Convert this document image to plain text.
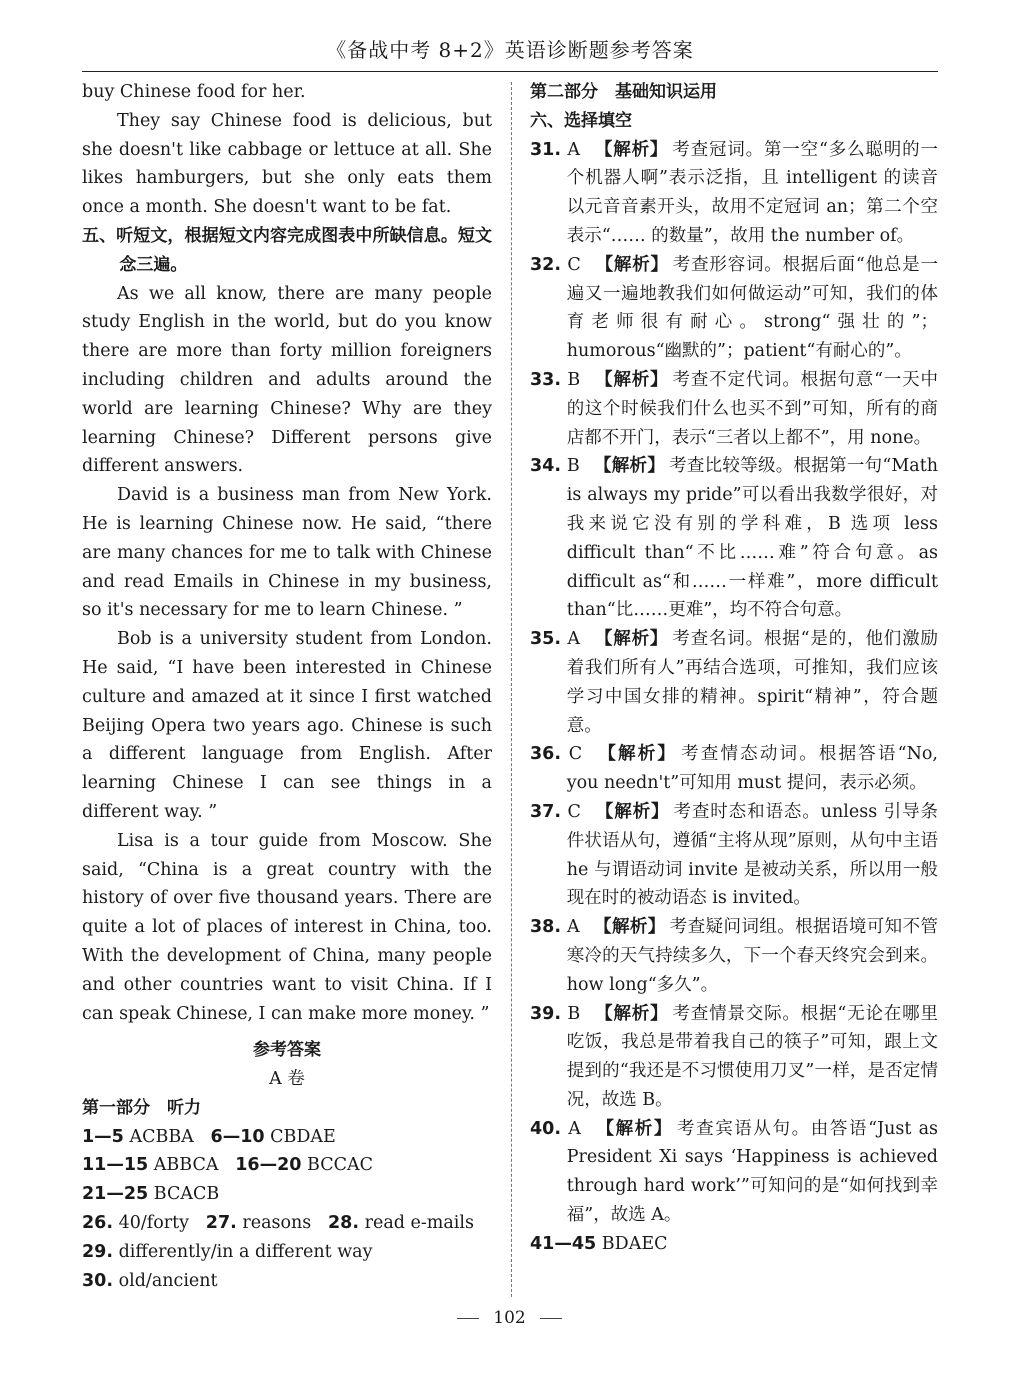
《备战中考 8+2》英语诊断题参考答案

buy Chinese food for her.

They say Chinese food is delicious, but she doesn't like cabbage or lettuce at all. She likes hamburgers, but she only eats them once a month. She doesn't want to be fat.

五、听短文，根据短文内容完成图表中所缺信息。短文念三遍。

As we all know, there are many people study English in the world, but do you know there are more than forty million foreigners including children and adults around the world are learning Chinese? Why are they learning Chinese? Different persons give different answers.

David is a business man from New York. He is learning Chinese now. He said, “there are many chances for me to talk with Chinese and read Emails in Chinese in my business, so it's necessary for me to learn Chinese. ”

Bob is a university student from London. He said, “I have been interested in Chinese culture and amazed at it since I first watched Beijing Opera two years ago. Chinese is such a different language from English. After learning Chinese I can see things in a different way. ”

Lisa is a tour guide from Moscow. She said, “China is a great country with the history of over five thousand years. There are quite a lot of places of interest in China, too. With the development of China, many people and other countries want to visit China. If I can speak Chinese, I can make more money. ”

参考答案

A 卷

第一部分　听力

1—5 ACBBA 6—10 CBDAE
11—15 ABBCA 16—20 BCCAC
21—25 BCACB
26. 40/forty 27. reasons 28. read e-mails
29. differently/in a different way
30. old/ancient

第二部分　基础知识运用

六、选择填空

31. A 【解析】 考查冠词。第一空“多么聪明的一个机器人啊”表示泛指，且 intelligent 的读音以元音音素开头，故用不定冠词 an；第二个空表示“…… 的数量”，故用 the number of。

32. C 【解析】 考查形容词。根据后面“他总是一遍又一遍地教我们如何做运动”可知，我们的体育老师很有耐心。strong“强壮的”；humorous“幽默的”；patient“有耐心的”。

33. B 【解析】 考查不定代词。根据句意“一天中的这个时候我们什么也买不到”可知，所有的商店都不开门，表示“三者以上都不”，用 none。

34. B 【解析】 考查比较等级。根据第一句“Math is always my pride”可以看出我数学很好，对我来说它没有别的学科难，B 选项 less difficult than“不比……难”符合句意。as difficult as“和……一样难”，more difficult than“比……更难”，均不符合句意。

35. A 【解析】 考查名词。根据“是的，他们激励着我们所有人”再结合选项，可推知，我们应该学习中国女排的精神。spirit“精神”，符合题意。

36. C 【解析】 考查情态动词。根据答语“No, you needn't”可知用 must 提问，表示必须。

37. C 【解析】 考查时态和语态。unless 引导条件状语从句，遵循“主将从现”原则，从句中主语 he 与谓语动词 invite 是被动关系，所以用一般现在时的被动语态 is invited。

38. A 【解析】 考查疑问词组。根据语境可知不管寒冷的天气持续多久，下一个春天终究会到来。how long“多久”。

39. B 【解析】 考查情景交际。根据“无论在哪里吃饭，我总是带着我自己的筷子”可知，跟上文提到的“我还是不习惯使用刀叉”一样，是否定情况，故选 B。

40. A 【解析】 考查宾语从句。由答语“Just as President Xi says ‘Happiness is achieved through hard work’”可知问的是“如何找到幸福”，故选 A。

41—45 BDAEC
102
